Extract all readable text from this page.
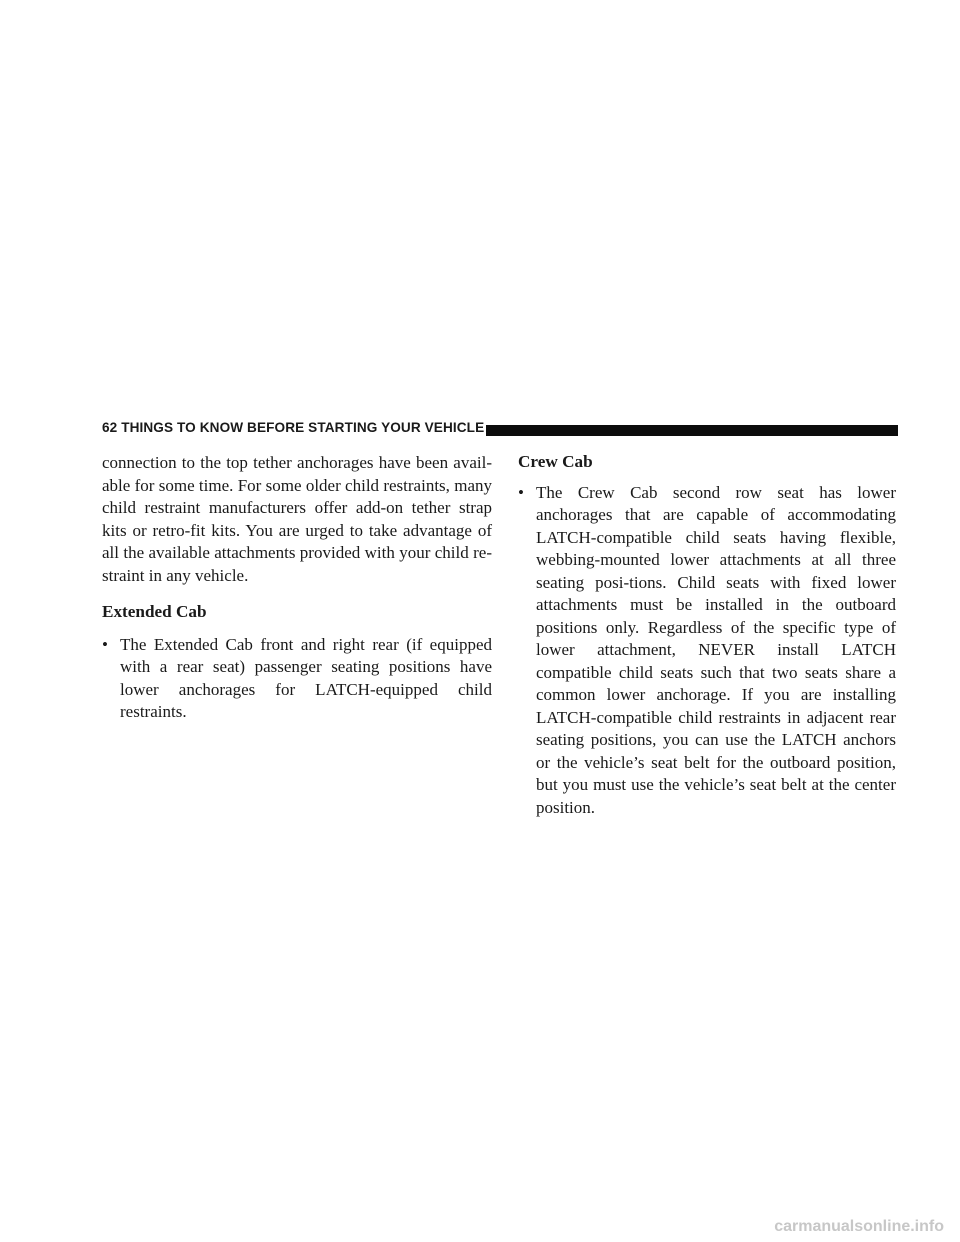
62 THINGS TO KNOW BEFORE STARTING YOUR VEHICLE

connection to the top tether anchorages have been avail-able for some time. For some older child restraints, many child restraint manufacturers offer add-on tether strap kits or retro-fit kits. You are urged to take advantage of all the available attachments provided with your child re-straint in any vehicle.

Extended Cab

• The Extended Cab front and right rear (if equipped with a rear seat) passenger seating positions have lower anchorages for LATCH-equipped child restraints.

Crew Cab

• The Crew Cab second row seat has lower anchorages that are capable of accommodating LATCH-compatible child seats having flexible, webbing-mounted lower attachments at all three seating posi-tions. Child seats with fixed lower attachments must be installed in the outboard positions only. Regardless of the specific type of lower attachment, NEVER install LATCH compatible child seats such that two seats share a common lower anchorage. If you are installing LATCH-compatible child restraints in adjacent rear seating positions, you can use the LATCH anchors or the vehicle’s seat belt for the outboard position, but you must use the vehicle’s seat belt at the center position.
carmanualsonline.info
